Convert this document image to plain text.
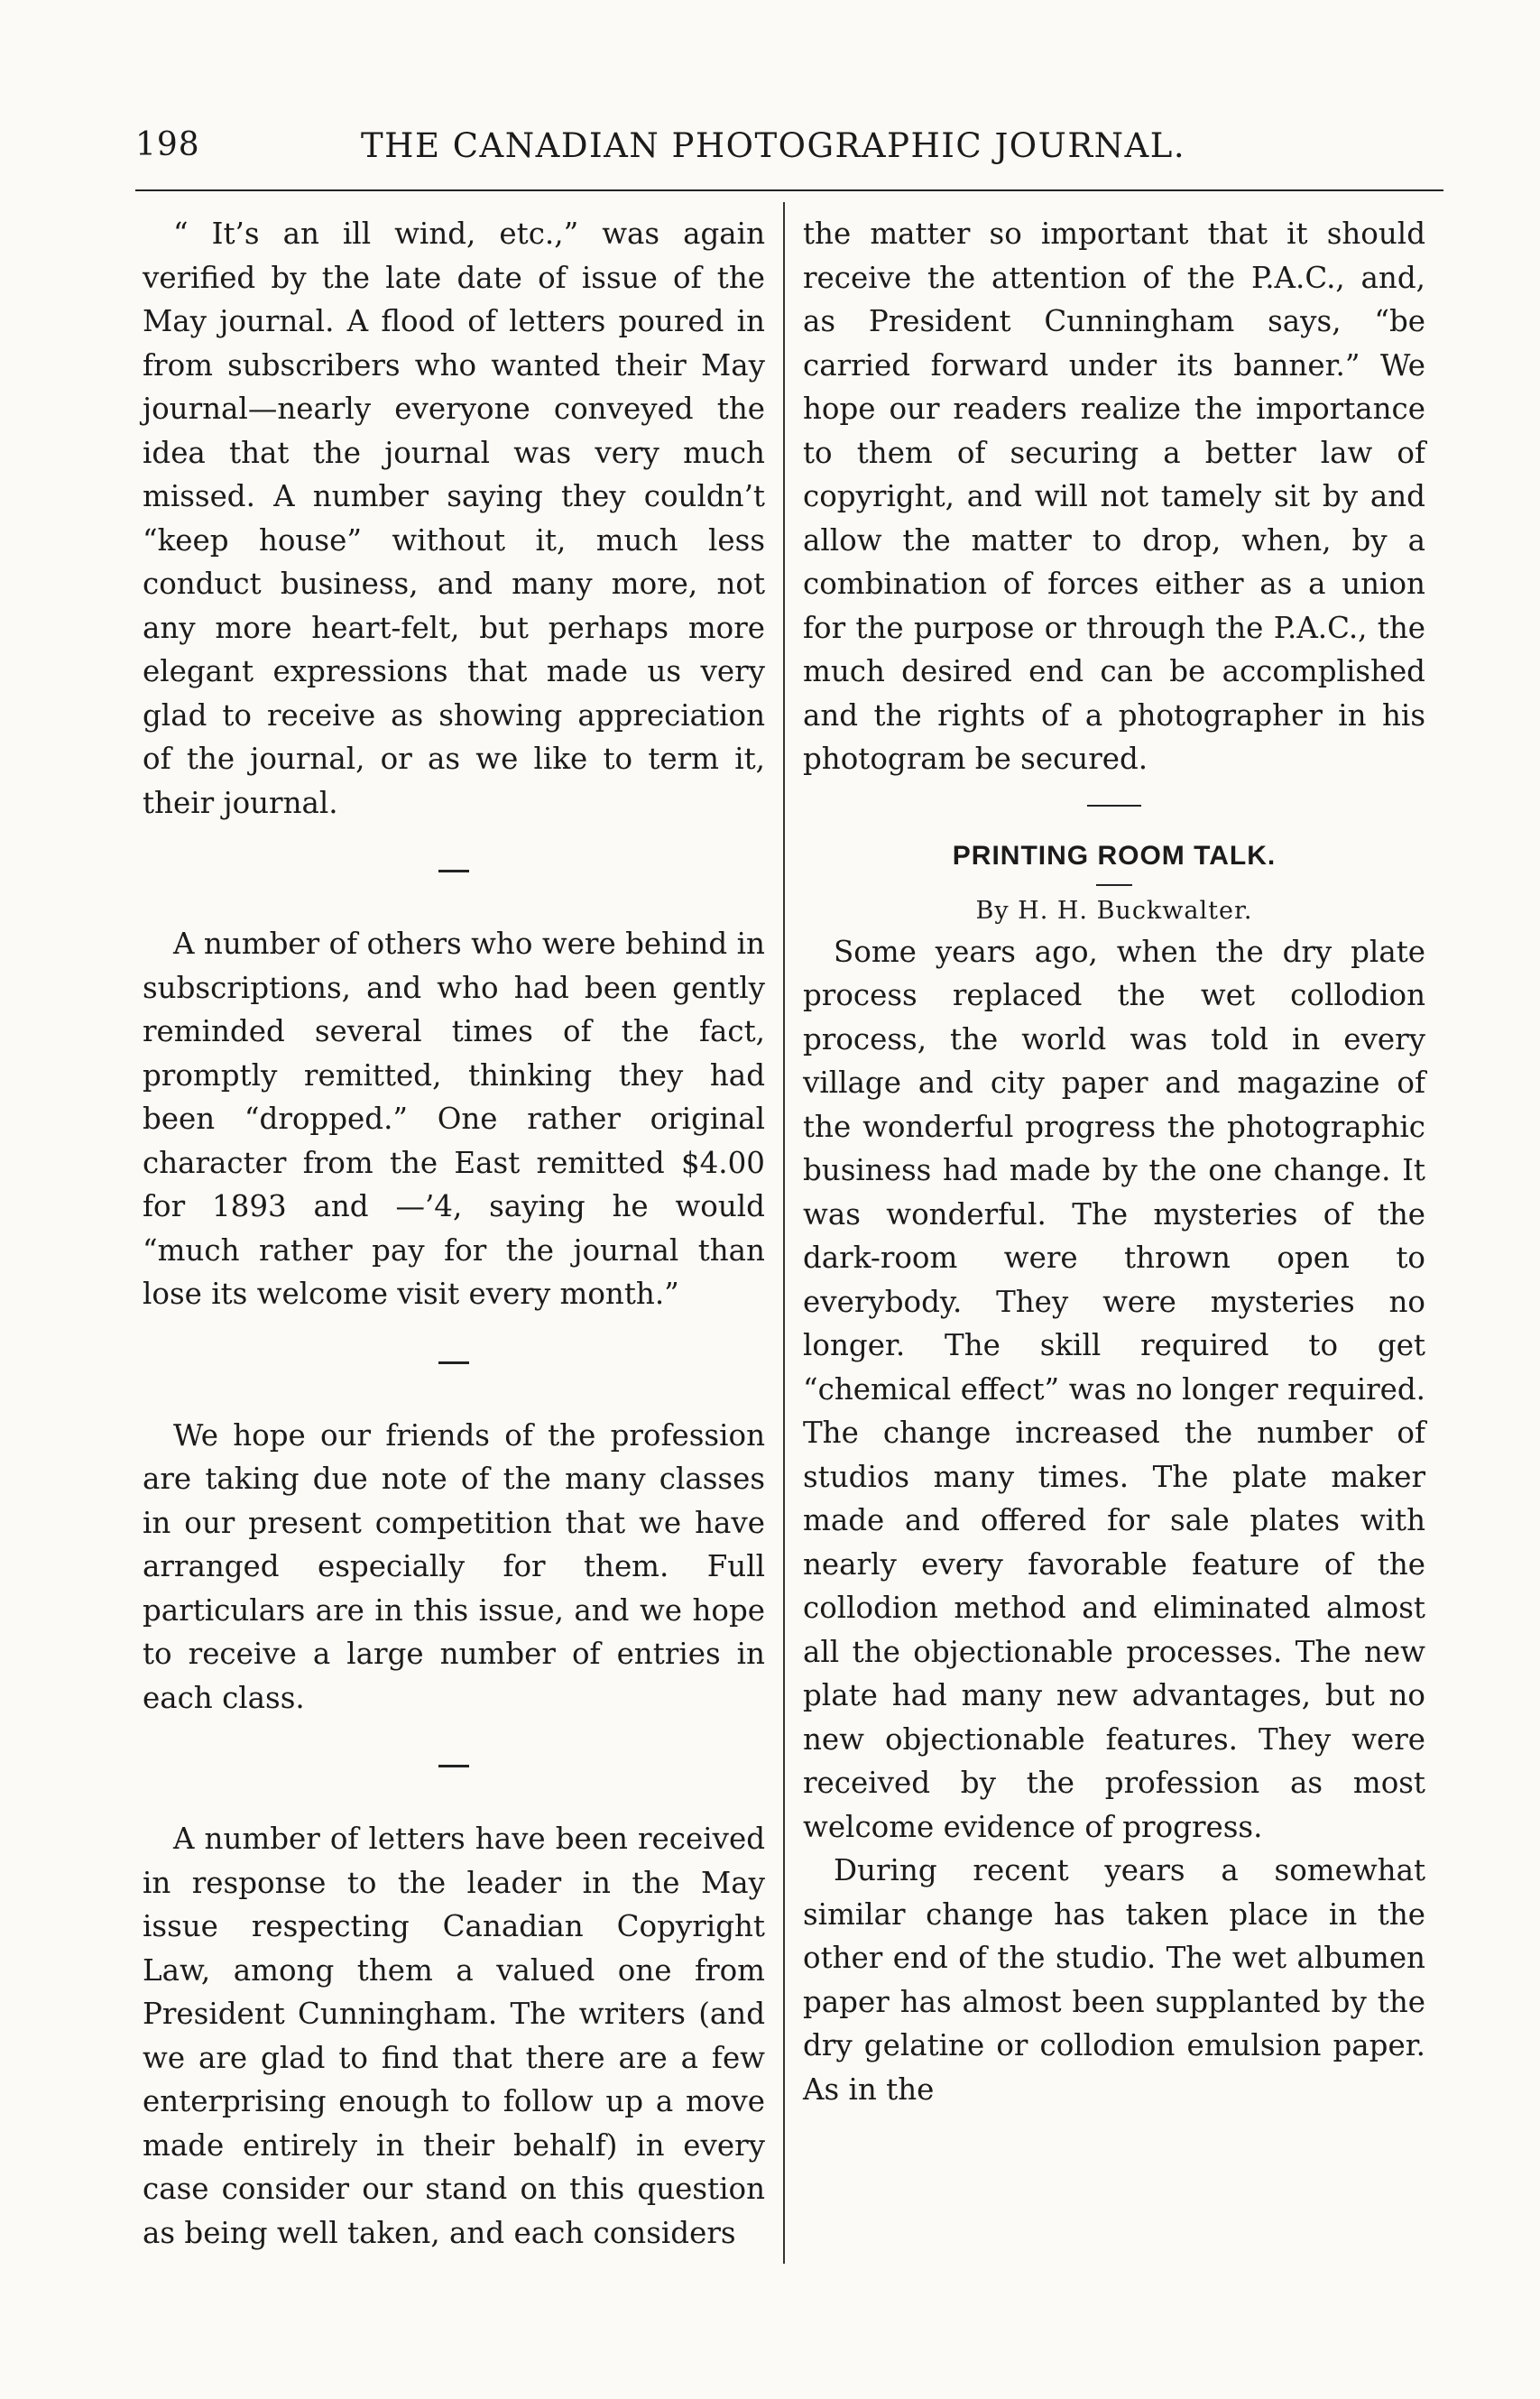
198	THE CANADIAN PHOTOGRAPHIC JOURNAL.

“ It’s an ill wind, etc.,” was again verified by the late date of issue of the May journal. A flood of letters poured in from subscribers who wanted their May journal—nearly everyone conveyed the idea that the journal was very much missed. A number saying they couldn’t “keep house” without it, much less conduct business, and many more, not any more heart-felt, but perhaps more elegant expressions that made us very glad to receive as showing appreciation of the journal, or as we like to term it, their journal.

A number of others who were behind in subscriptions, and who had been gently reminded several times of the fact, promptly remitted, thinking they had been “dropped.” One rather original character from the East remitted $4.00 for 1893 and —’4, saying he would “much rather pay for the journal than lose its welcome visit every month.”

We hope our friends of the profession are taking due note of the many classes in our present competition that we have arranged especially for them. Full particulars are in this issue, and we hope to receive a large number of entries in each class.

A number of letters have been received in response to the leader in the May issue respecting Canadian Copyright Law, among them a valued one from President Cunningham. The writers (and we are glad to find that there are a few enterprising enough to follow up a move made entirely in their behalf) in every case consider our stand on this question as being well taken, and each considers

the matter so important that it should receive the attention of the P.A.C., and, as President Cunningham says, “be carried forward under its banner.” We hope our readers realize the importance to them of securing a better law of copyright, and will not tamely sit by and allow the matter to drop, when, by a combination of forces either as a union for the purpose or through the P.A.C., the much desired end can be accomplished and the rights of a photographer in his photogram be secured.

PRINTING ROOM TALK.

By H. H. Buckwalter.

Some years ago, when the dry plate process replaced the wet collodion process, the world was told in every village and city paper and magazine of the wonderful progress the photographic business had made by the one change. It was wonderful. The mysteries of the dark-room were thrown open to everybody. They were mysteries no longer. The skill required to get “chemical effect” was no longer required. The change increased the number of studios many times. The plate maker made and offered for sale plates with nearly every favorable feature of the collodion method and eliminated almost all the objectionable processes. The new plate had many new advantages, but no new objectionable features. They were received by the profession as most welcome evidence of progress.

During recent years a somewhat similar change has taken place in the other end of the studio. The wet albumen paper has almost been supplanted by the dry gelatine or collodion emulsion paper. As in the
